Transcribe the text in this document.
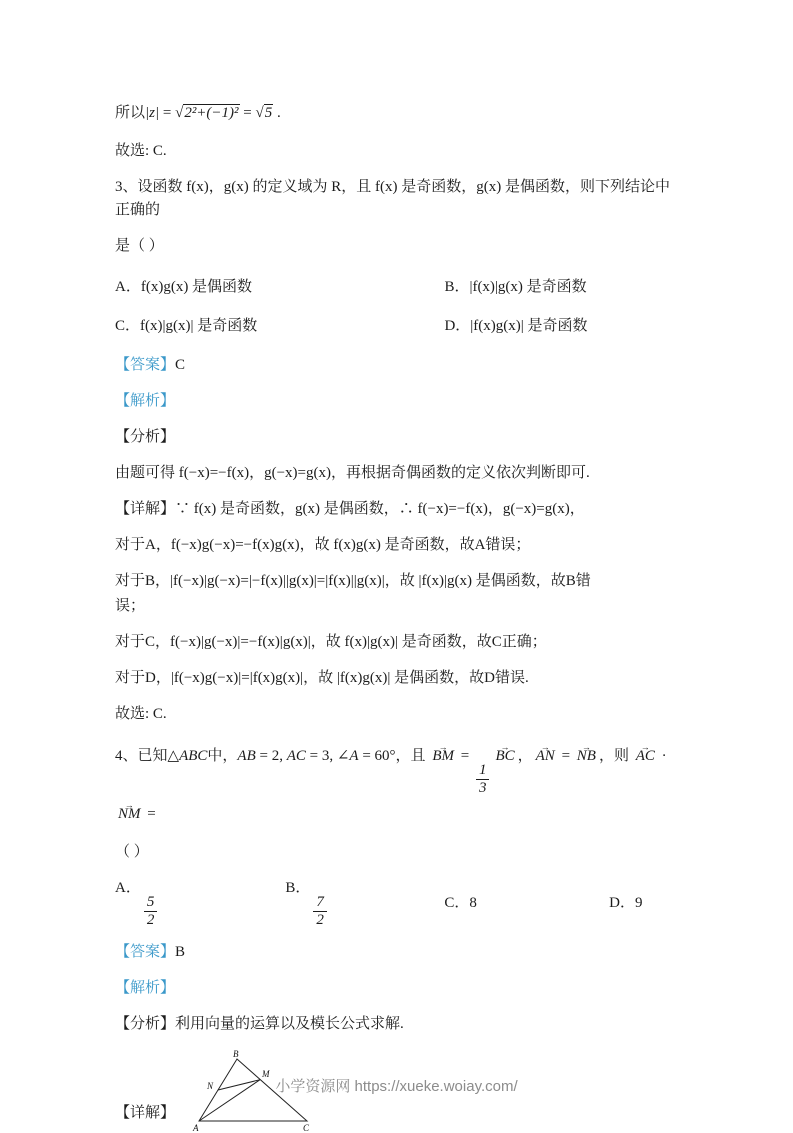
所以|z| = √2²+(−1)² = √5 .

故选: C.

3、设函数 f(x)，g(x) 的定义域为 R，且 f(x) 是奇函数，g(x) 是偶函数，则下列结论中正确的

是（ ）

A．f(x)g(x) 是偶函数	B．|f(x)|g(x) 是奇函数
C．f(x)|g(x)| 是奇函数	D．|f(x)g(x)| 是奇函数

【答案】C

【解析】

【分析】

由题可得 f(−x)=−f(x)，g(−x)=g(x)，再根据奇偶函数的定义依次判断即可.

【详解】∵ f(x) 是奇函数，g(x) 是偶函数，∴ f(−x)=−f(x)，g(−x)=g(x)，

对于A，f(−x)g(−x)=−f(x)g(x)，故 f(x)g(x) 是奇函数，故A错误；

对于B，|f(−x)|g(−x)=|−f(x)||g(x)|=|f(x)||g(x)|，故 |f(x)|g(x) 是偶函数，故B错

误；

对于C，f(−x)|g(−x)|=−f(x)|g(x)|，故 f(x)|g(x)| 是奇函数，故C正确；

对于D，|f(−x)g(−x)|=|f(x)g(x)|，故 |f(x)g(x)| 是偶函数，故D错误.

故选: C.

4、已知△ABC中，AB = 2, AC = 3, ∠A = 60°，且 → BM =
$\frac{1}{3}$
→ BC ， → AN = → NB ，则 → AC · → NM =

（ ）

A．
$\frac{5}{2}$
B．
$\frac{7}{2}$	C．8	D．9

【答案】B

【解析】

【分析】利用向量的运算以及模长公式求解.

【详解】
A
B
C
N
M
小学资源网 https://xueke.woiay.com/
